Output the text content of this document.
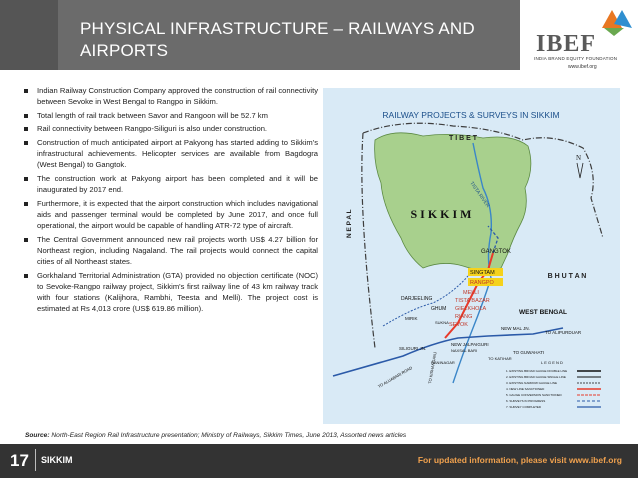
PHYSICAL INFRASTRUCTURE – RAILWAYS AND
AIRPORTS	IBEF
INDIA BRAND EQUITY FOUNDATION
www.ibef.org
Indian Railway Construction Company approved the construction of rail connectivity between Sevoke in West Bengal to Rangpo in Sikkim.
Total length of rail track between Savor and Rangoon will be 52.7 km
Rail connectivity between Rangpo-Siliguri is also under construction.
Construction of much anticipated airport at Pakyong has started adding to Sikkim's infrastructural achievements. Helicopter services are available from Bagdogra (West Bengal) to Gangtok.
The construction work at Pakyong airport has been completed and it will be inaugurated by 2017 end.
Furthermore, it is expected that the airport construction which includes navigational aids and passenger terminal would be completed by June 2017, and once full operational, the airport would be capable of handling ATR-72 type of aircraft.
The Central Government announced new rail projects worth US$ 4.27 billion for Northeast region, including Nagaland. The rail projects would connect the capital cities of all Northeast states.
Gorkhaland Territorial Administration (GTA) provided no objection certificate (NOC) to Sevoke-Rangpo railway project, Sikkim's first railway line of 43 km railway track with four stations (Kalijhora, Rambhi, Teesta and Melli). The project cost is estimated at Rs 4,013 crore (US$ 619.86 million).
RAILWAY PROJECTS & SURVEYS IN SIKKIM
T I B E T
S I K K I M
N E P A L
B H U T A N
TISTA RIVER
N
GANGTOK
SINGTAM
RANGPO
MELLI
TISTA BAZAR
GIELKHOLA
RIANG
SEVOK
DARJEELING
GHUM
MIRIK
SUKNA
SILIGURI JN.
NEW JALPAIGURI
NAXSAL BARI
NEW MAL JN.
WEST BENGAL
TO ALIPURDUAR
TO GUWAHATI
TO KATIHAR
RANINAGAR
TO KISHANGANJ
TO ALUABARI ROAD
L E G E N D
1. EXISTING BROAD GAUGE DOUBLE LINE
2. EXISTING BROAD GAUGE SINGLE LINE
3. EXISTING NARROW GAUGE LINE
4. NEW LINE SANCTIONED
5. GAUGE CONVERSION SANCTIONED
6. SURVEYS IN PROGRESS
7. SURVEY COMPLETED
Source: North-East Region Rail Infrastructure presentation; Ministry of Railways, Sikkim Times, June 2013, Assorted news articles
17 SIKKIM	For updated information, please visit www.ibef.org
